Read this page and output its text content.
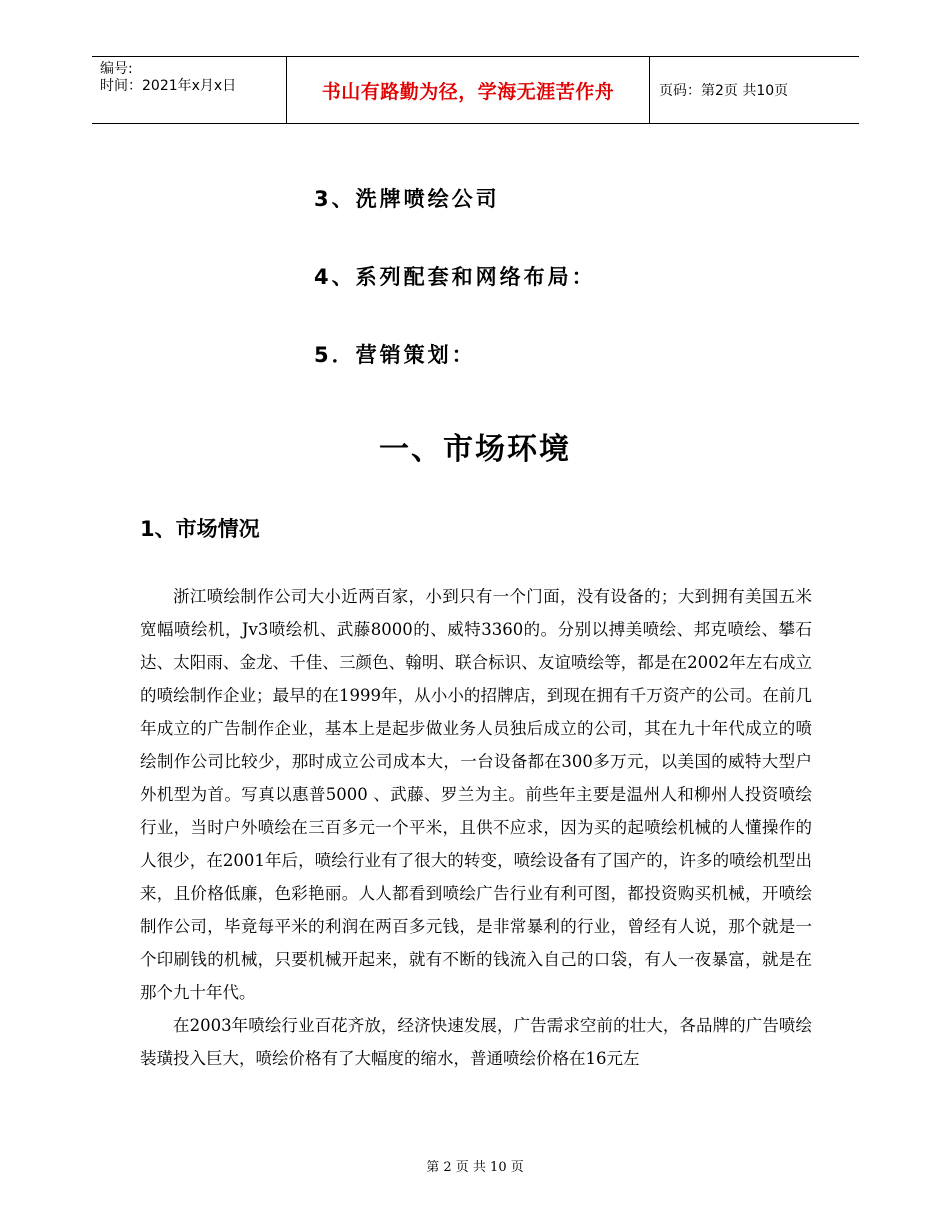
编号:
时间：2021年x月x日	书山有路勤为径，学海无涯苦作舟	页码：第2页 共10页
3、洗牌喷绘公司
4、系列配套和网络布局：
5．营销策划：
一、市场环境
1、市场情况

浙江喷绘制作公司大小近两百家，小到只有一个门面，没有设备的；大到拥有美国五米宽幅喷绘机，Jv3喷绘机、武藤8000的、威特3360的。分别以搏美喷绘、邦克喷绘、攀石达、太阳雨、金龙、千佳、三颜色、翰明、联合标识、友谊喷绘等，都是在2002年左右成立的喷绘制作企业；最早的在1999年，从小小的招牌店，到现在拥有千万资产的公司。在前几年成立的广告制作企业，基本上是起步做业务人员独后成立的公司，其在九十年代成立的喷绘制作公司比较少，那时成立公司成本大，一台设备都在300多万元，以美国的威特大型户外机型为首。写真以惠普5000 、武藤、罗兰为主。前些年主要是温州人和柳州人投资喷绘行业，当时户外喷绘在三百多元一个平米，且供不应求，因为买的起喷绘机械的人懂操作的人很少，在2001年后，喷绘行业有了很大的转变，喷绘设备有了国产的，许多的喷绘机型出来，且价格低廉，色彩艳丽。人人都看到喷绘广告行业有利可图，都投资购买机械，开喷绘制作公司，毕竟每平米的利润在两百多元钱，是非常暴利的行业，曾经有人说，那个就是一个印刷钱的机械，只要机械开起来，就有不断的钱流入自己的口袋，有人一夜暴富，就是在那个九十年代。

在2003年喷绘行业百花齐放，经济快速发展，广告需求空前的壮大，各品牌的广告喷绘装璜投入巨大，喷绘价格有了大幅度的缩水，普通喷绘价格在16元左

第 2 页 共 10 页
